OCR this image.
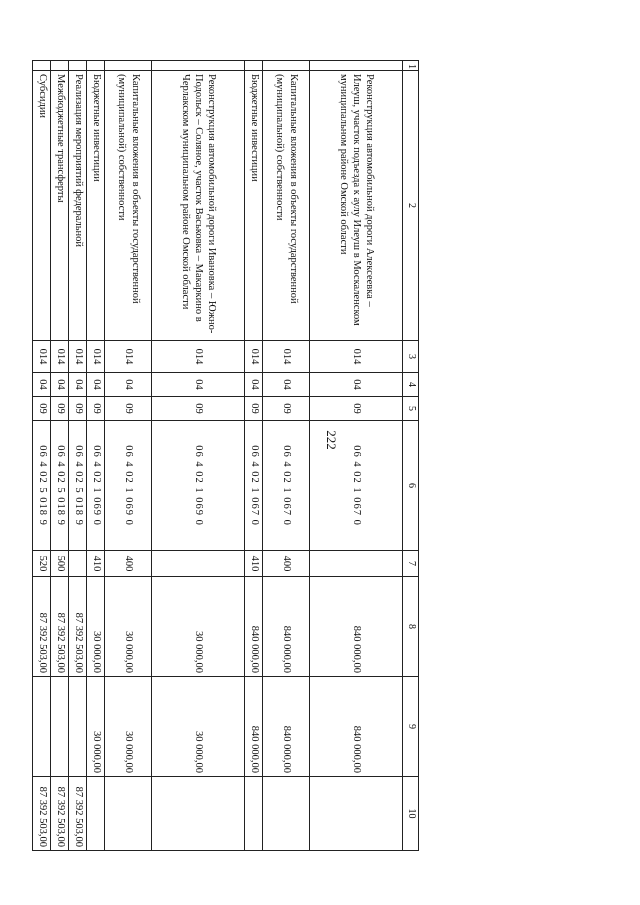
222
1	2	3	4	5	6	7	8	9	10
	Реконструкция автомобильной дороги Алексеевка – Илеуш, участок подъезда к аулу Илеуш в Москаленском муниципальном районе Омской области	014	04	09	06 4 02 1 067 0		840 000,00	840 000,00	
	Капитальные вложения в объекты государственной (муниципальной) собственности	014	04	09	06 4 02 1 067 0	400	840 000,00	840 000,00	
	Бюджетные инвестиции	014	04	09	06 4 02 1 067 0	410	840 000,00	840 000,00	
	Реконструкция автомобильной дороги Ивановка – Южно-Подольск – Соляное, участок Васьковка – Макаркино в Черлакском муниципальном районе Омской области	014	04	09	06 4 02 1 069 0		30 000,00	30 000,00	
	Капитальные вложения в объекты государственной (муниципальной) собственности	014	04	09	06 4 02 1 069 0	400	30 000,00	30 000,00	
	Бюджетные инвестиции	014	04	09	06 4 02 1 069 0	410	30 000,00	30 000,00	
	Реализация мероприятий федеральной	014	04	09	06 4 02 5 018 9		87 392 503,00		87 392 503,00
	Межбюджетные трансферты	014	04	09	06 4 02 5 018 9	500	87 392 503,00		87 392 503,00
	Субсидии	014	04	09	06 4 02 5 018 9	520	87 392 503,00		87 392 503,00
